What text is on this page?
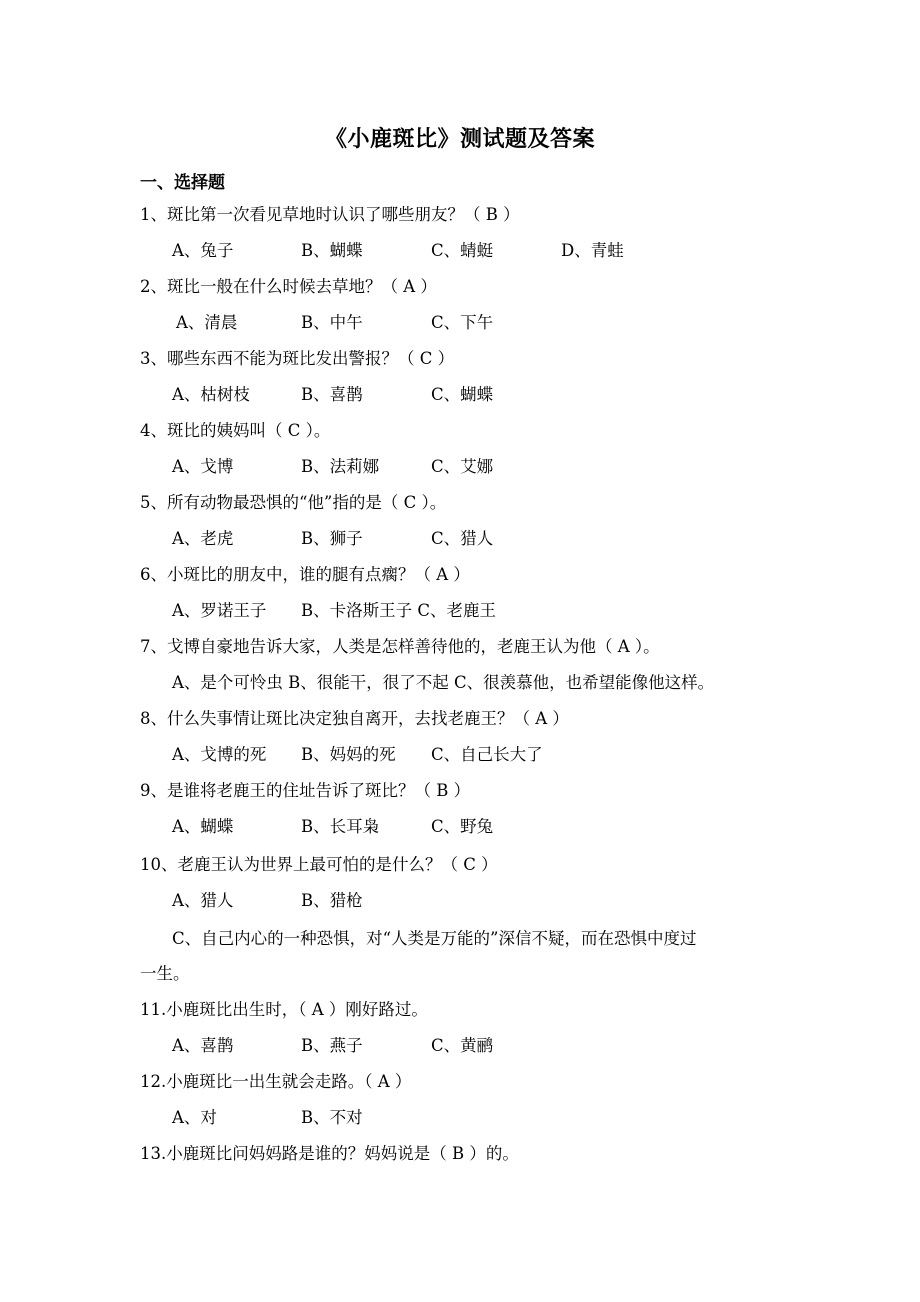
《小鹿斑比》测试题及答案
一、选择题
1、斑比第一次看见草地时认识了哪些朋友？（ B ）
A、兔子	B、蝴蝶	C、蜻蜓	D、青蛙
2、斑比一般在什么时候去草地？（ A ）
A、清晨	B、中午	C、下午
3、哪些东西不能为斑比发出警报？（ C ）
A、枯树枝	B、喜鹊	C、蝴蝶
4、斑比的姨妈叫（ C ）。
A、戈博	B、法莉娜	C、艾娜
5、所有动物最恐惧的“他”指的是（ C ）。
A、老虎	B、狮子	C、猎人
6、小斑比的朋友中，谁的腿有点瘸？（ A ）
A、罗诺王子 B、卡洛斯王子 C、老鹿王
7、戈博自豪地告诉大家，人类是怎样善待他的，老鹿王认为他（ A ）。
A、是个可怜虫 B、很能干，很了不起 C、很羡慕他，也希望能像他这样。
8、什么失事情让斑比决定独自离开，去找老鹿王？（ A ）
A、戈博的死 B、妈妈的死 C、自己长大了
9、是谁将老鹿王的住址告诉了斑比？（ B ）
A、蝴蝶	B、长耳枭	C、野兔
10、老鹿王认为世界上最可怕的是什么？（ C ）
A、猎人	B、猎枪
C、自己内心的一种恐惧，对“人类是万能的”深信不疑，而在恐惧中度过
一生。
11.小鹿斑比出生时，（ A ）刚好路过。
A、喜鹊	B、燕子	C、黄鹂
12.小鹿斑比一出生就会走路。（ A ）
A、对	B、不对
13.小鹿斑比问妈妈路是谁的？妈妈说是（ B ）的。
